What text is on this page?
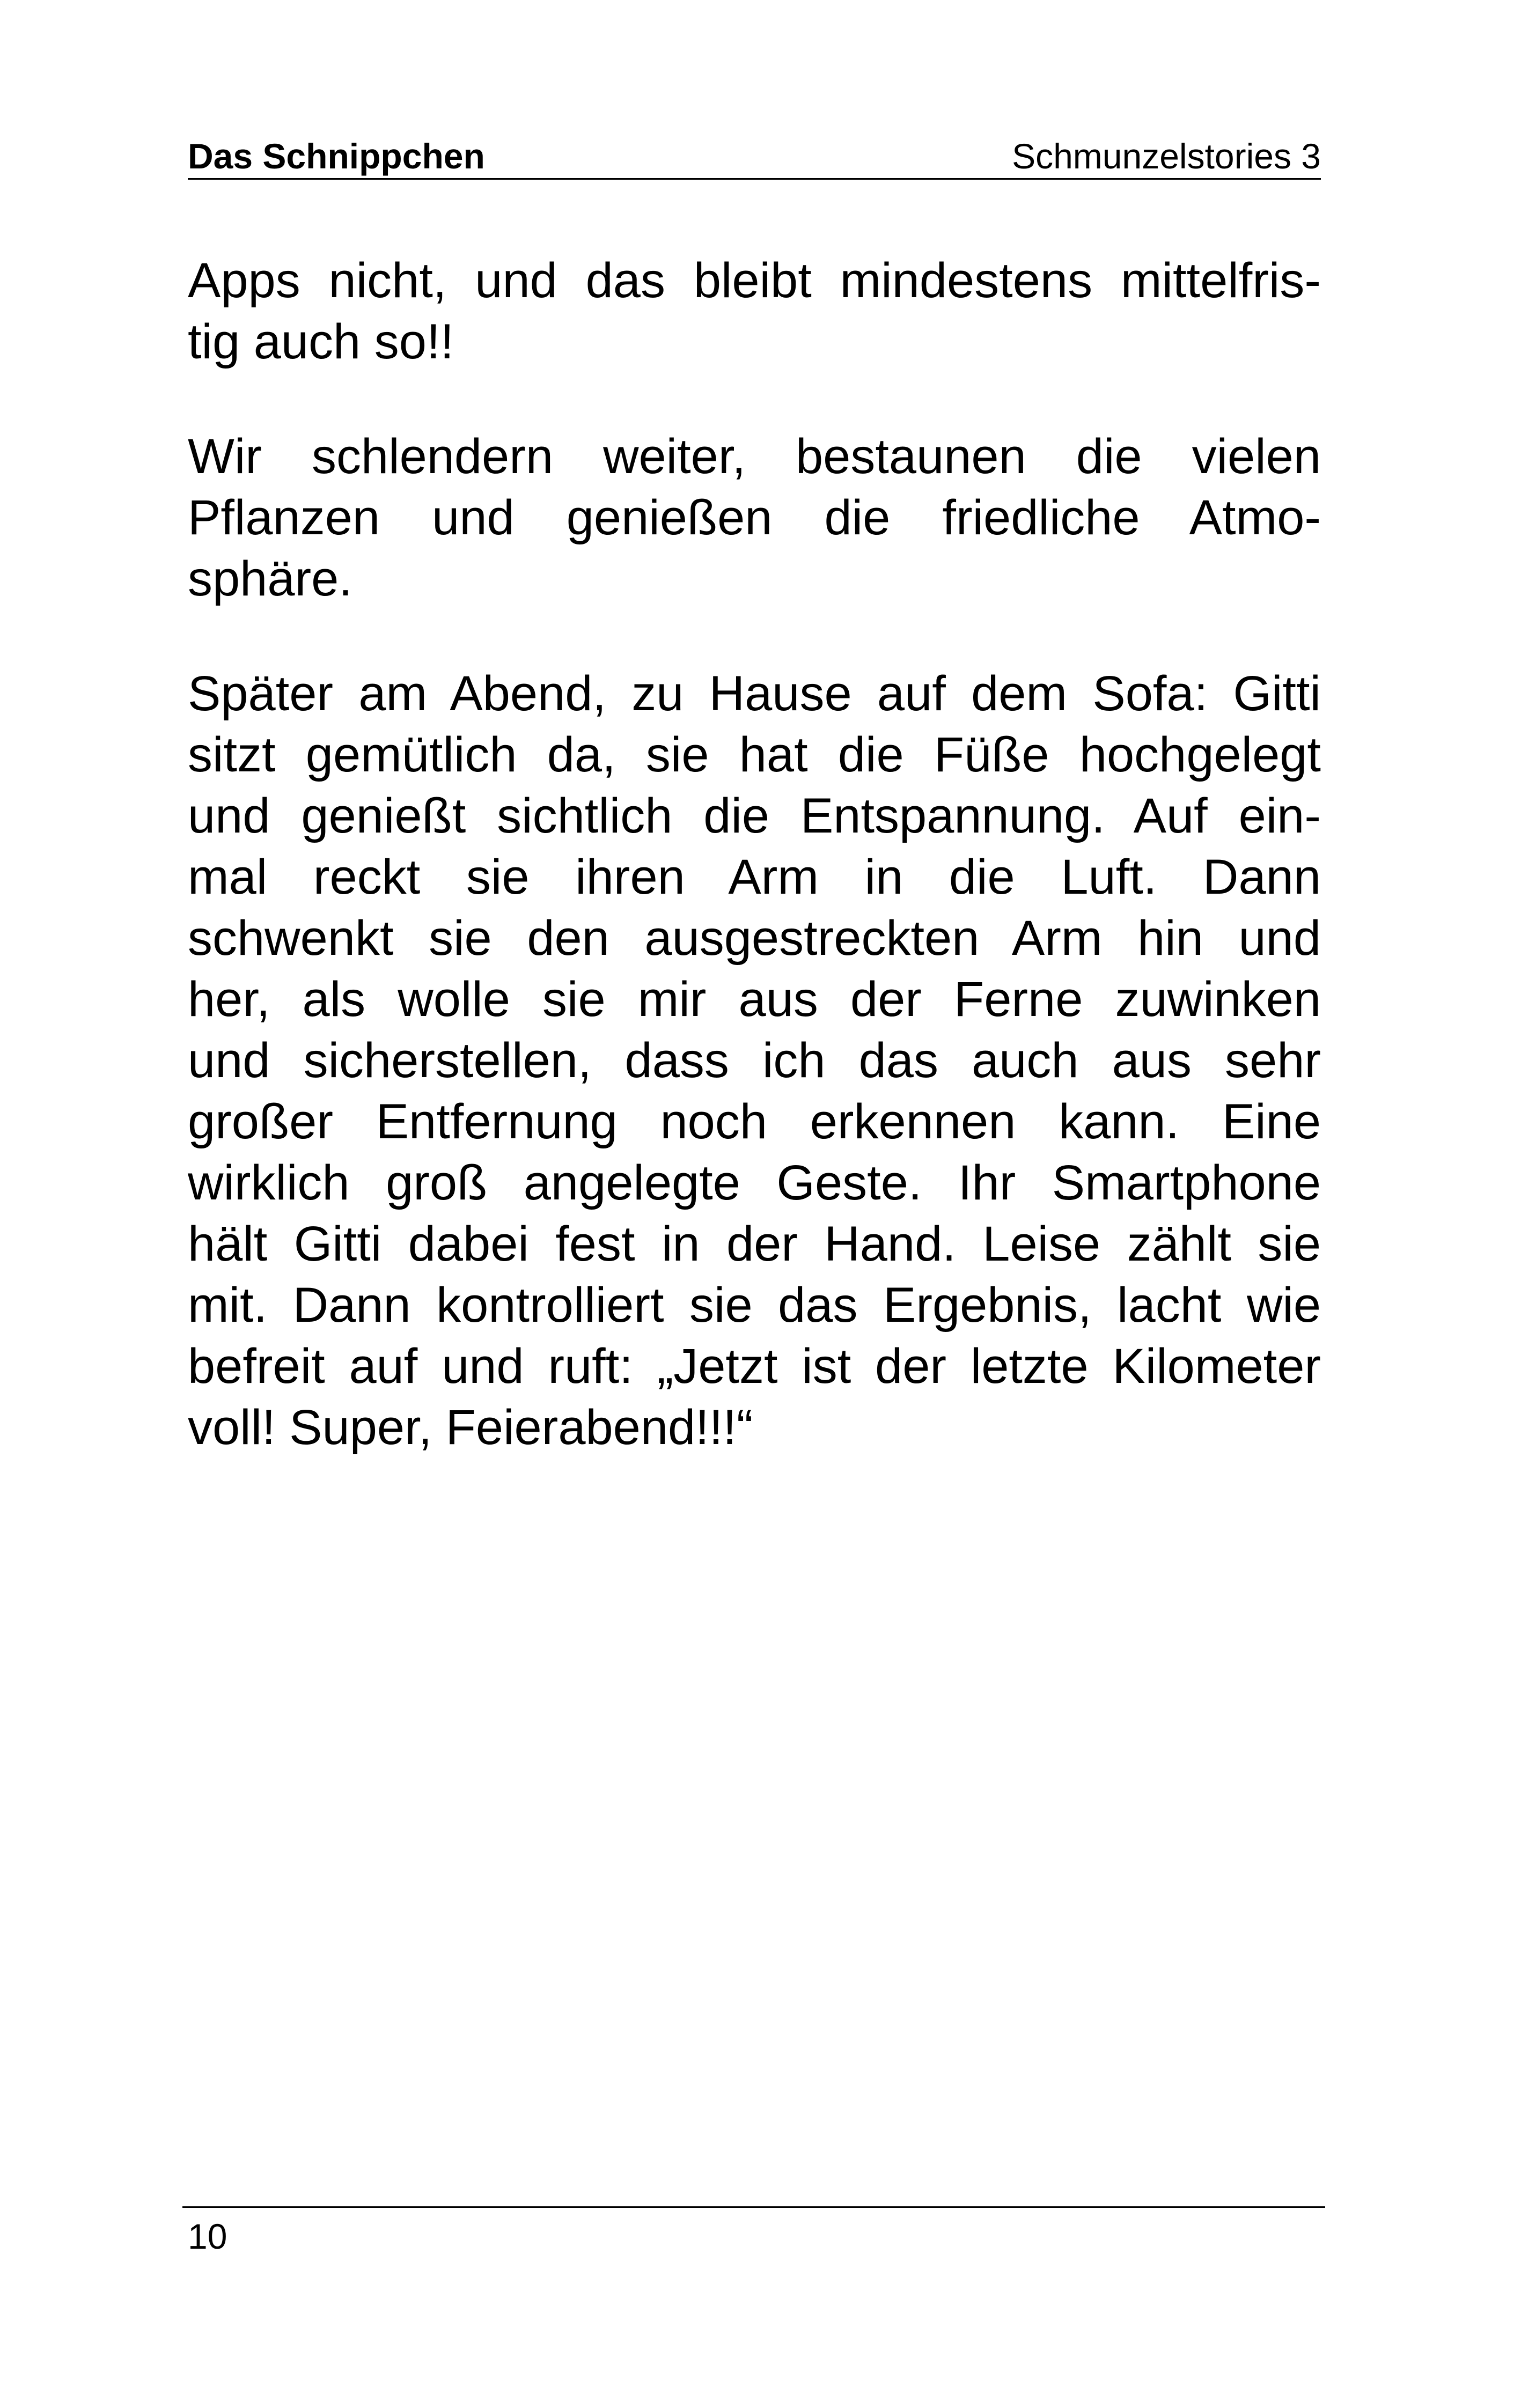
Das Schnippchen	Schmunzelstories 3

Apps nicht, und das bleibt mindestens mittelfris-
tig auch so!!

Wir schlendern weiter, bestaunen die vielen
Pflanzen und genießen die friedliche Atmo-
sphäre.

Später am Abend, zu Hause auf dem Sofa: Gitti
sitzt gemütlich da, sie hat die Füße hochgelegt
und genießt sichtlich die Entspannung. Auf ein-
mal reckt sie ihren Arm in die Luft. Dann
schwenkt sie den ausgestreckten Arm hin und
her, als wolle sie mir aus der Ferne zuwinken
und sicherstellen, dass ich das auch aus sehr
großer Entfernung noch erkennen kann. Eine
wirklich groß angelegte Geste. Ihr Smartphone
hält Gitti dabei fest in der Hand. Leise zählt sie
mit. Dann kontrolliert sie das Ergebnis, lacht wie
befreit auf und ruft: „Jetzt ist der letzte Kilometer
voll! Super, Feierabend!!!“

10
